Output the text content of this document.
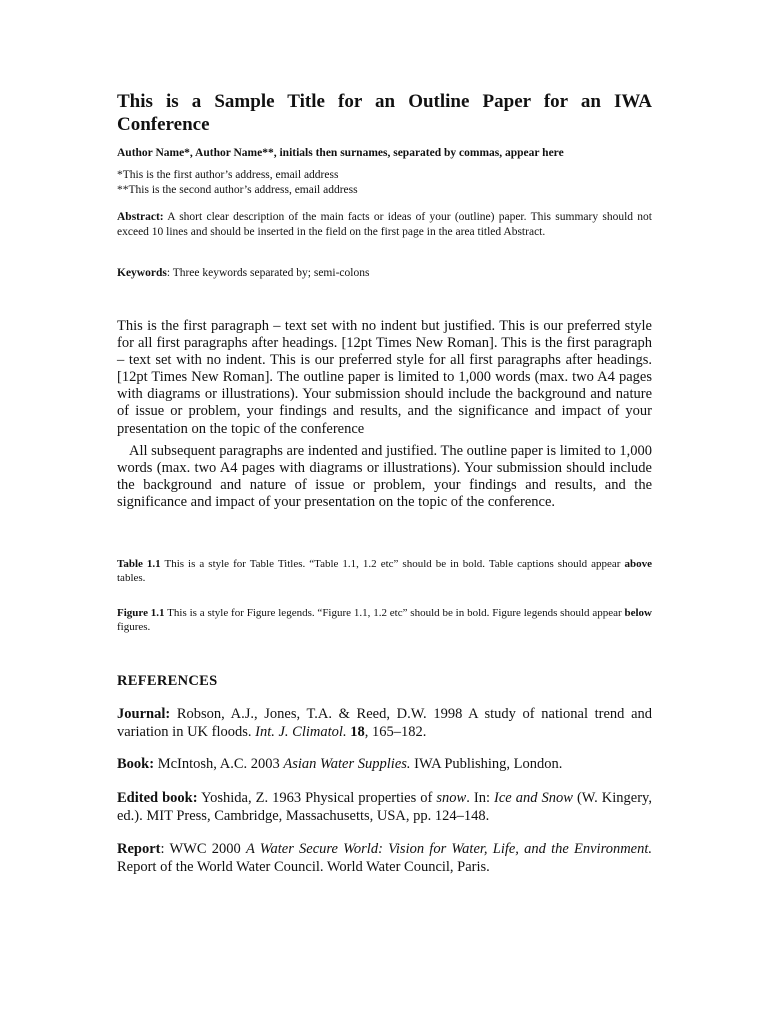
This is a Sample Title for an Outline Paper for an IWA
Conference
Author Name*, Author Name**, initials then surnames, separated by commas, appear here
*This is the first author’s address, email address
**This is the second author’s address, email address
Abstract: A short clear description of the main facts or ideas of your (outline) paper. This summary should not exceed 10 lines and should be inserted in the field on the first page in the area titled Abstract.
Keywords: Three keywords separated by; semi-colons
This is the first paragraph – text set with no indent but justified. This is our preferred style for all first paragraphs after headings. [12pt Times New Roman]. This is the first paragraph – text set with no indent. This is our preferred style for all first paragraphs after headings. [12pt Times New Roman]. The outline paper is limited to 1,000 words (max. two A4 pages with diagrams or illustrations). Your submission should include the background and nature of issue or problem, your findings and results, and the significance and impact of your presentation on the topic of the conference
All subsequent paragraphs are indented and justified. The outline paper is limited to 1,000 words (max. two A4 pages with diagrams or illustrations). Your submission should include the background and nature of issue or problem, your findings and results, and the significance and impact of your presentation on the topic of the conference.
Table 1.1 This is a style for Table Titles. “Table 1.1, 1.2 etc” should be in bold. Table captions should appear above tables.
Figure 1.1 This is a style for Figure legends. “Figure 1.1, 1.2 etc” should be in bold. Figure legends should appear below figures.
REFERENCES
Journal: Robson, A.J., Jones, T.A. & Reed, D.W. 1998 A study of national trend and variation in UK floods. Int. J. Climatol. 18, 165–182.
Book: McIntosh, A.C. 2003 Asian Water Supplies. IWA Publishing, London.
Edited book: Yoshida, Z. 1963 Physical properties of snow. In: Ice and Snow (W. Kingery, ed.). MIT Press, Cambridge, Massachusetts, USA, pp. 124–148.
Report: WWC 2000 A Water Secure World: Vision for Water, Life, and the Environment. Report of the World Water Council. World Water Council, Paris.
